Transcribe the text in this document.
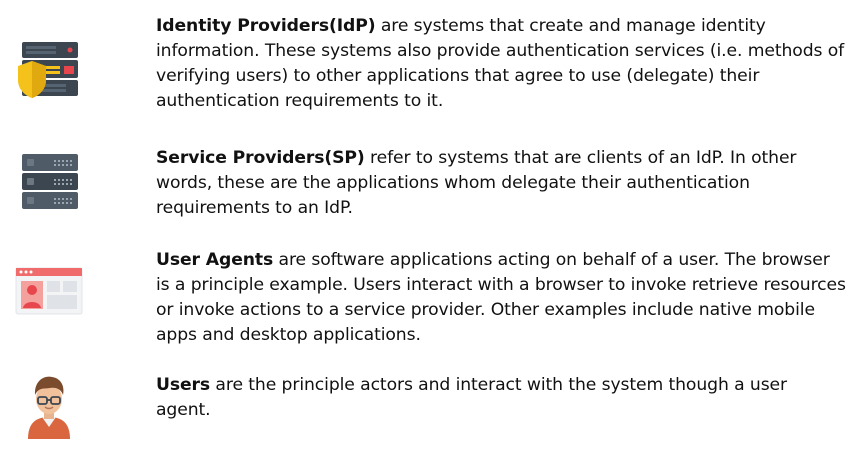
Identity Providers(IdP) are systems that create and manage identity information. These systems also provide authentication services (i.e. methods of verifying users) to other applications that agree to use (delegate) their authentication requirements to it.

Service Providers(SP) refer to systems that are clients of an IdP. In other words, these are the applications whom delegate their authentication requirements to an IdP.

User Agents are software applications acting on behalf of a user. The browser is a principle example. Users interact with a browser to invoke retrieve resources or invoke actions to a service provider. Other examples include native mobile apps and desktop applications.

Users are the principle actors and interact with the system though a user agent.
